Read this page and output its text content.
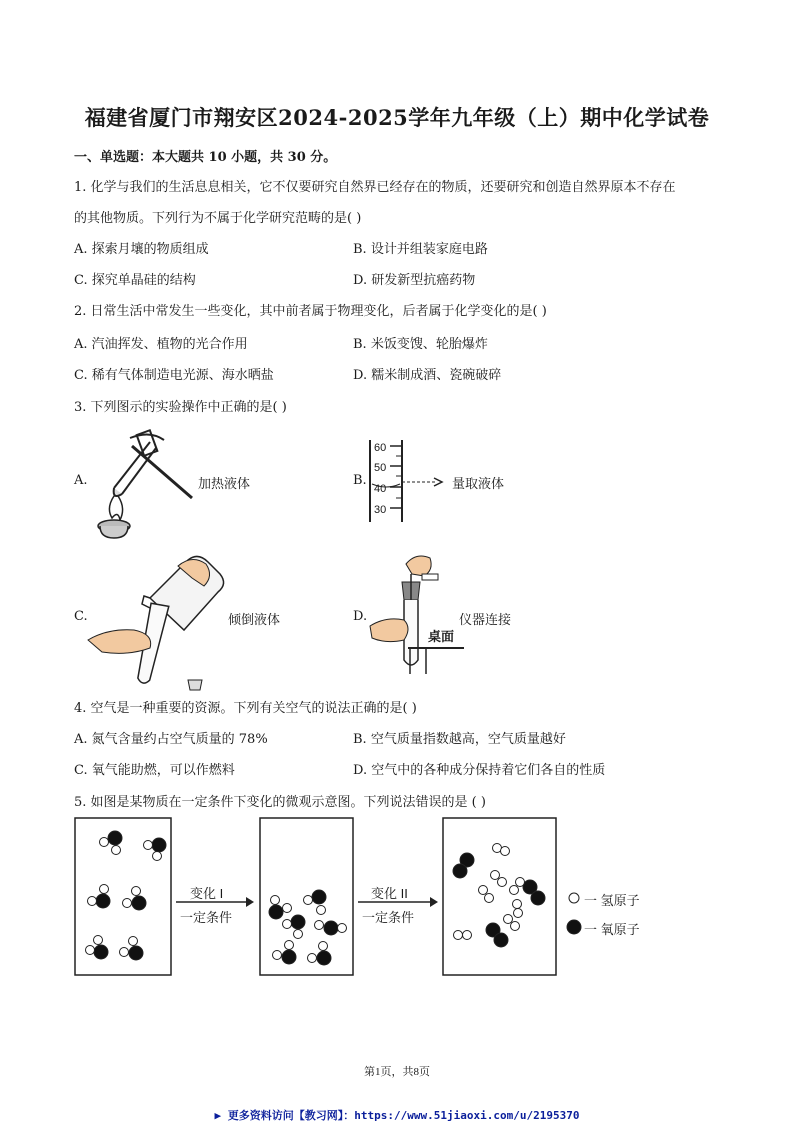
福建省厦门市翔安区2024-2025学年九年级（上）期中化学试卷
一、单选题：本大题共 10 小题，共 30 分。
1. 化学与我们的生活息息相关，它不仅要研究自然界已经存在的物质，还要研究和创造自然界原本不存在
的其他物质。下列行为不属于化学研究范畴的是( )
A. 探索月壤的物质组成	B. 设计并组装家庭电路
C. 探究单晶硅的结构	D. 研发新型抗癌药物
2. 日常生活中常发生一些变化，其中前者属于物理变化，后者属于化学变化的是( )
A. 汽油挥发、植物的光合作用	B. 米饭变馊、轮胎爆炸
C. 稀有气体制造电光源、海水晒盐	D. 糯米制成酒、瓷碗破碎
3. 下列图示的实验操作中正确的是( )
A.	加热液体	B.
60
50
40
30
量取液体
C.	倾倒液体	D.
桌面
仪器连接
4. 空气是一种重要的资源。下列有关空气的说法正确的是( )
A. 氮气含量约占空气质量的 78%	B. 空气质量指数越高，空气质量越好
C. 氧气能助燃，可以作燃料	D. 空气中的各种成分保持着它们各自的性质
5. 如图是某物质在一定条件下变化的微观示意图。下列说法错误的是 ( )
变化 I
一定条件
变化 II
一定条件
一 氢原子
一 氧原子
第1页，共8页
▶ 更多资料访问【教习网】：https://www.51jiaoxi.com/u/2195370
